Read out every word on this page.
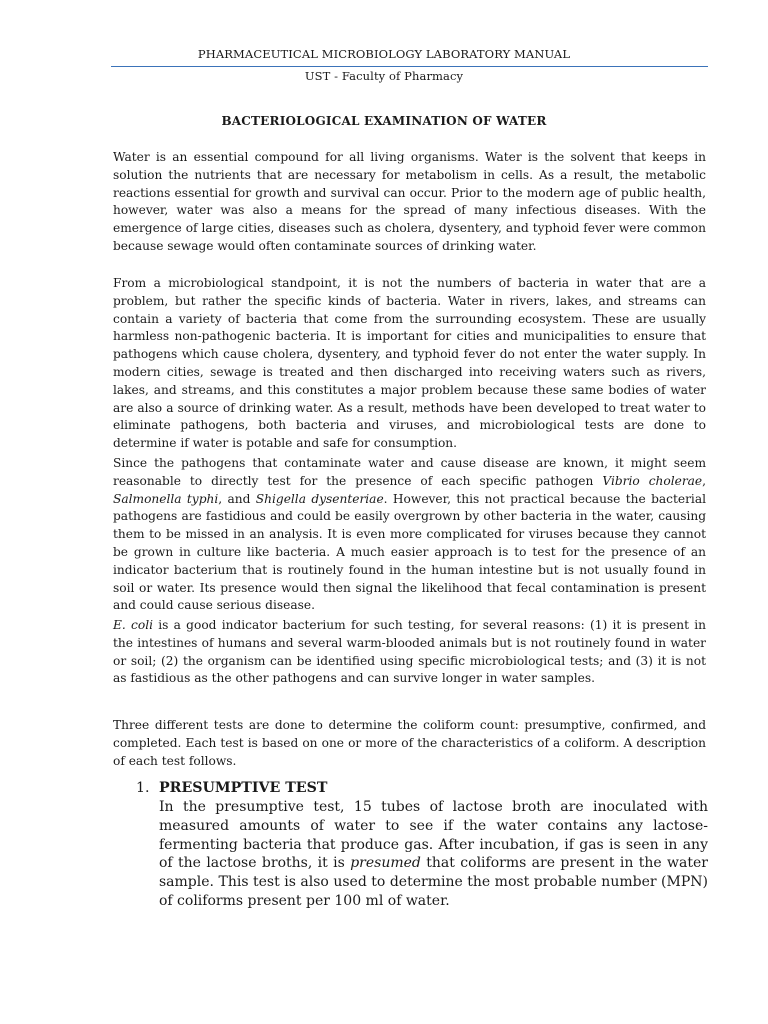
PHARMACEUTICAL MICROBIOLOGY LABORATORY MANUAL
UST - Faculty of Pharmacy
BACTERIOLOGICAL EXAMINATION OF WATER

Water is an essential compound for all living organisms. Water is the solvent that keeps in solution the nutrients that are necessary for metabolism in cells. As a result, the metabolic reactions essential for growth and survival can occur. Prior to the modern age of public health, however, water was also a means for the spread of many infectious diseases. With the emergence of large cities, diseases such as cholera, dysentery, and typhoid fever were common because sewage would often contaminate sources of drinking water.

From a microbiological standpoint, it is not the numbers of bacteria in water that are a problem, but rather the specific kinds of bacteria. Water in rivers, lakes, and streams can contain a variety of bacteria that come from the surrounding ecosystem. These are usually harmless non-pathogenic bacteria. It is important for cities and municipalities to ensure that pathogens which cause cholera, dysentery, and typhoid fever do not enter the water supply. In modern cities, sewage is treated and then discharged into receiving waters such as rivers, lakes, and streams, and this constitutes a major problem because these same bodies of water are also a source of drinking water. As a result, methods have been developed to treat water to eliminate pathogens, both bacteria and viruses, and microbiological tests are done to determine if water is potable and safe for consumption.

Since the pathogens that contaminate water and cause disease are known, it might seem reasonable to directly test for the presence of each specific pathogen Vibrio cholerae, Salmonella typhi, and Shigella dysenteriae. However, this not practical because the bacterial pathogens are fastidious and could be easily overgrown by other bacteria in the water, causing them to be missed in an analysis. It is even more complicated for viruses because they cannot be grown in culture like bacteria. A much easier approach is to test for the presence of an indicator bacterium that is routinely found in the human intestine but is not usually found in soil or water. Its presence would then signal the likelihood that fecal contamination is present and could cause serious disease.

E. coli is a good indicator bacterium for such testing, for several reasons: (1) it is present in the intestines of humans and several warm-blooded animals but is not routinely found in water or soil; (2) the organism can be identified using specific microbiological tests; and (3) it is not as fastidious as the other pathogens and can survive longer in water samples.

Three different tests are done to determine the coliform count: presumptive, confirmed, and completed. Each test is based on one or more of the characteristics of a coliform. A description of each test follows.

1. PRESUMPTIVE TEST

In the presumptive test, 15 tubes of lactose broth are inoculated with measured amounts of water to see if the water contains any lactose-fermenting bacteria that produce gas. After incubation, if gas is seen in any of the lactose broths, it is presumed that coliforms are present in the water sample. This test is also used to determine the most probable number (MPN) of coliforms present per 100 ml of water.
